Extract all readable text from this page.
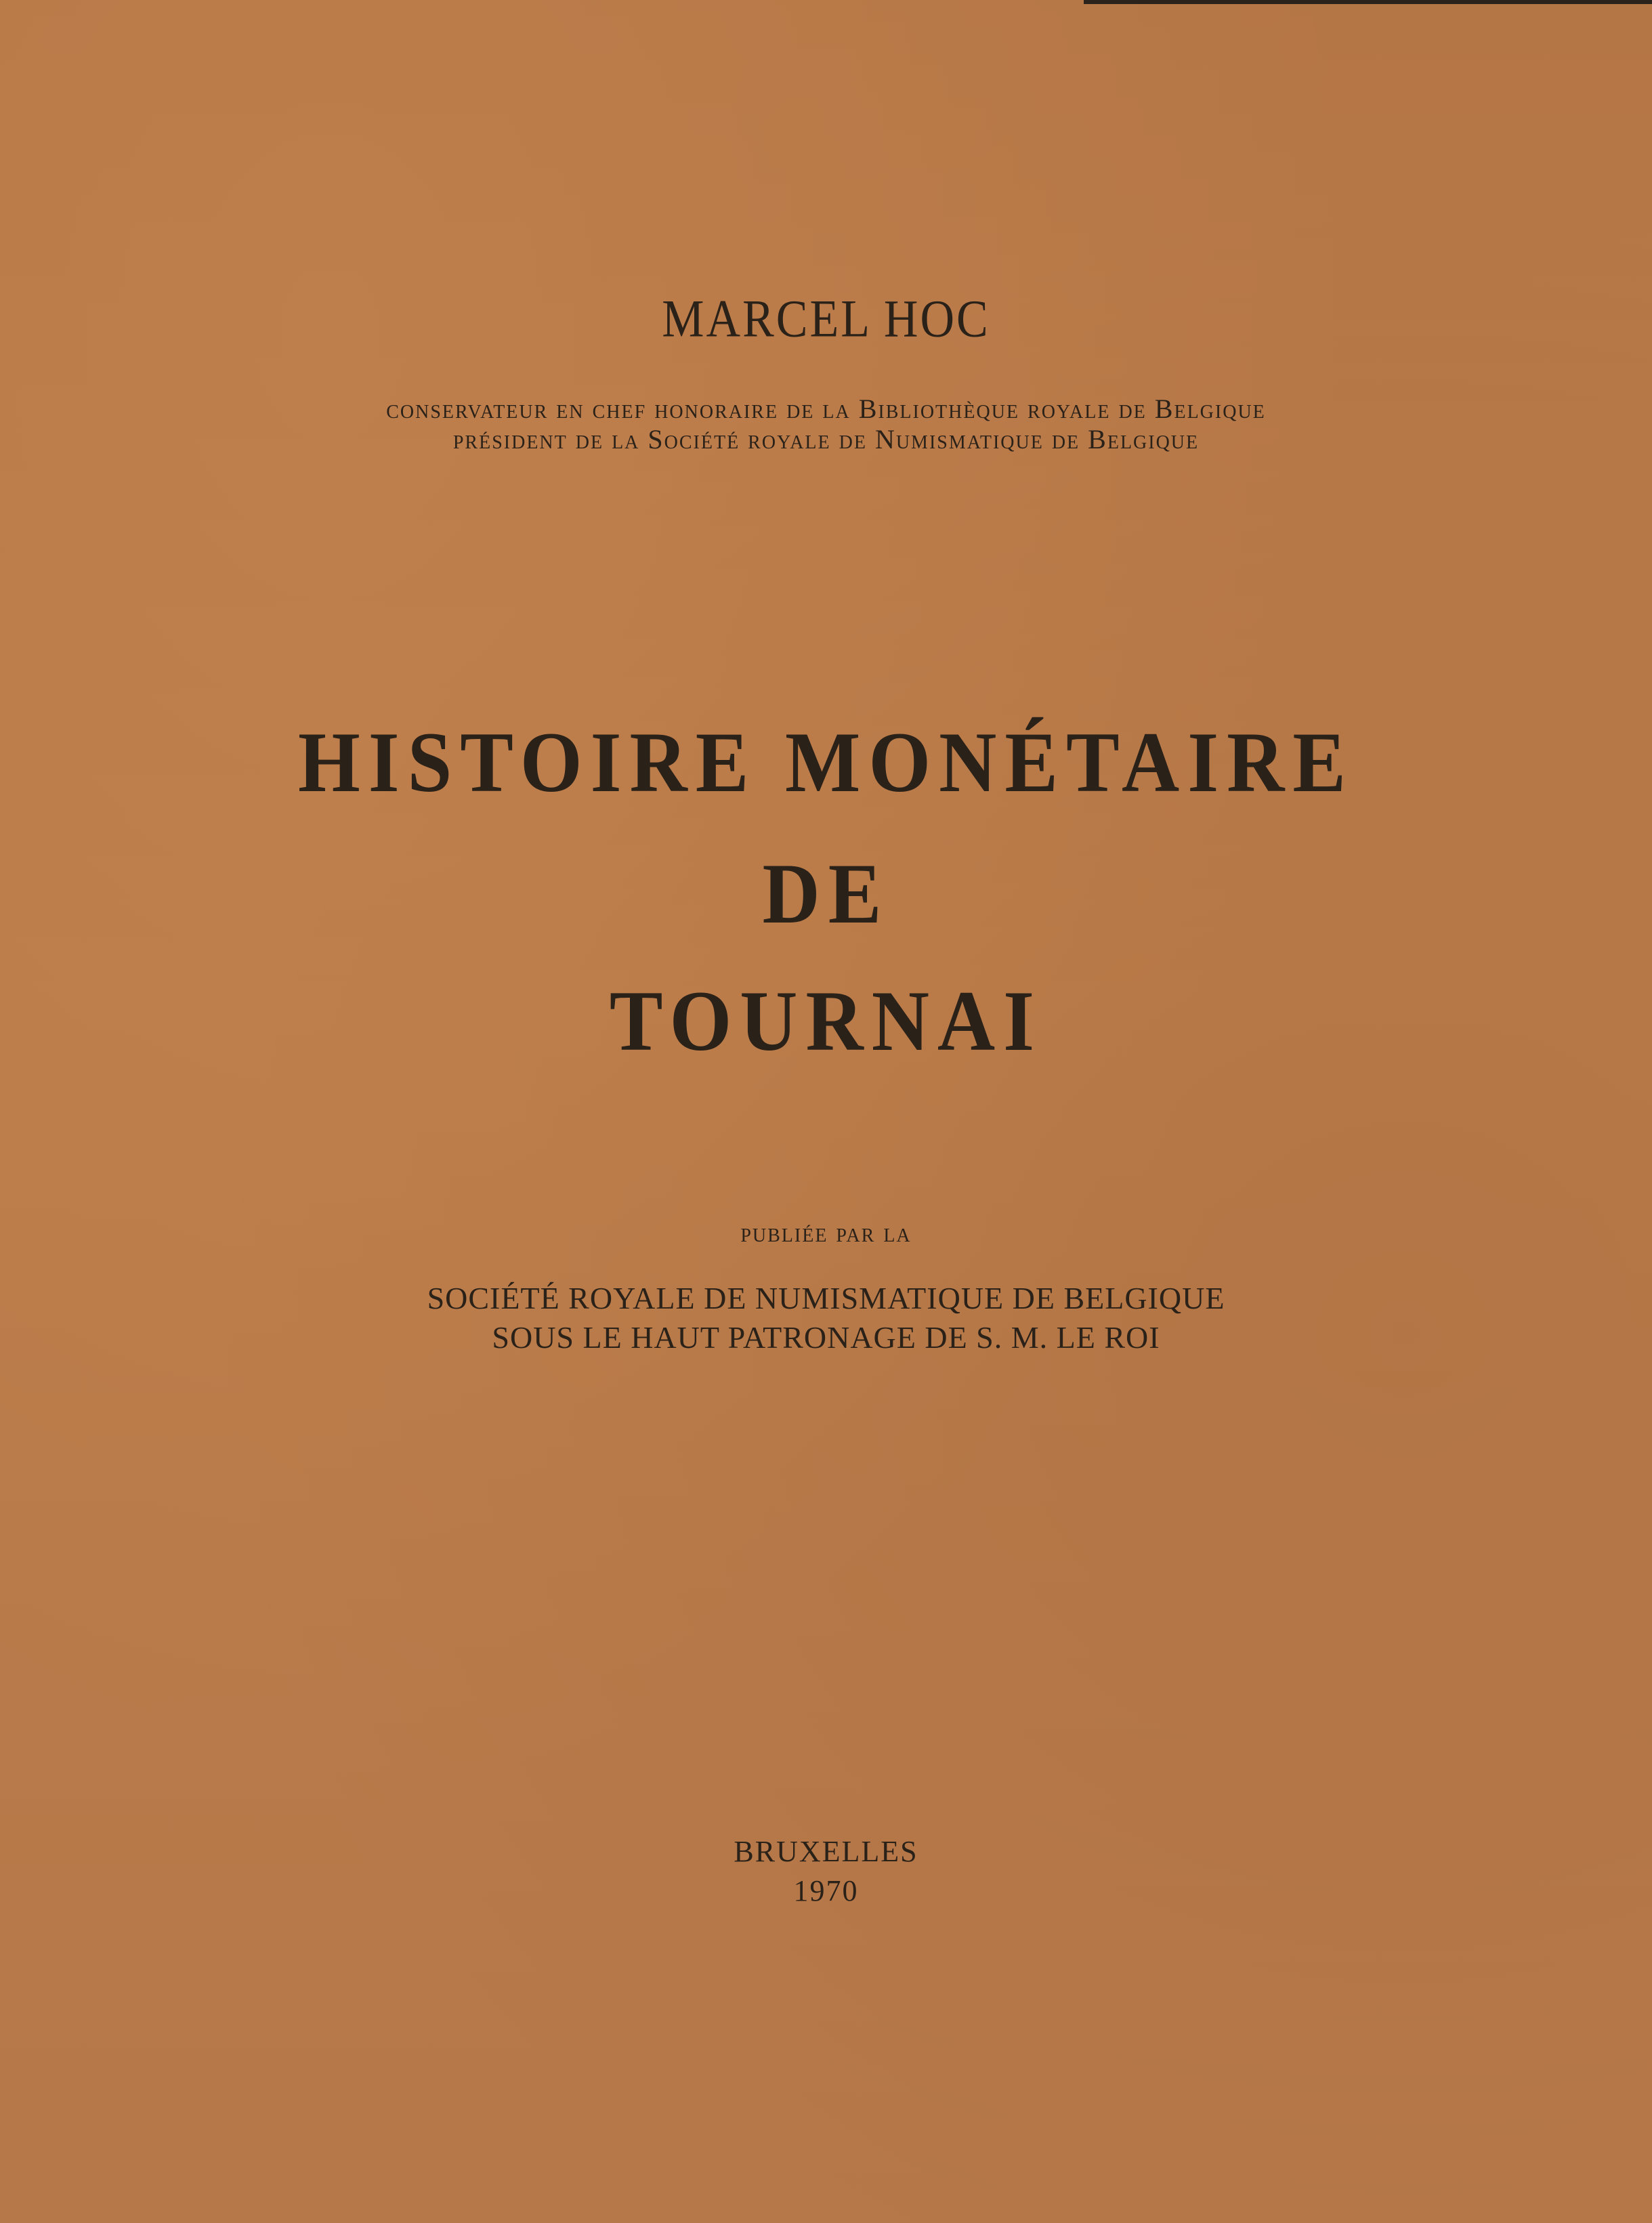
MARCEL HOC
conservateur en chef honoraire de la Bibliothèque royale de Belgique
président de la Société royale de Numismatique de Belgique
HISTOIRE MONÉTAIRE
DE
TOURNAI
publiée par la
SOCIÉTÉ ROYALE DE NUMISMATIQUE DE BELGIQUE
SOUS LE HAUT PATRONAGE DE S. M. LE ROI
BRUXELLES
1970
